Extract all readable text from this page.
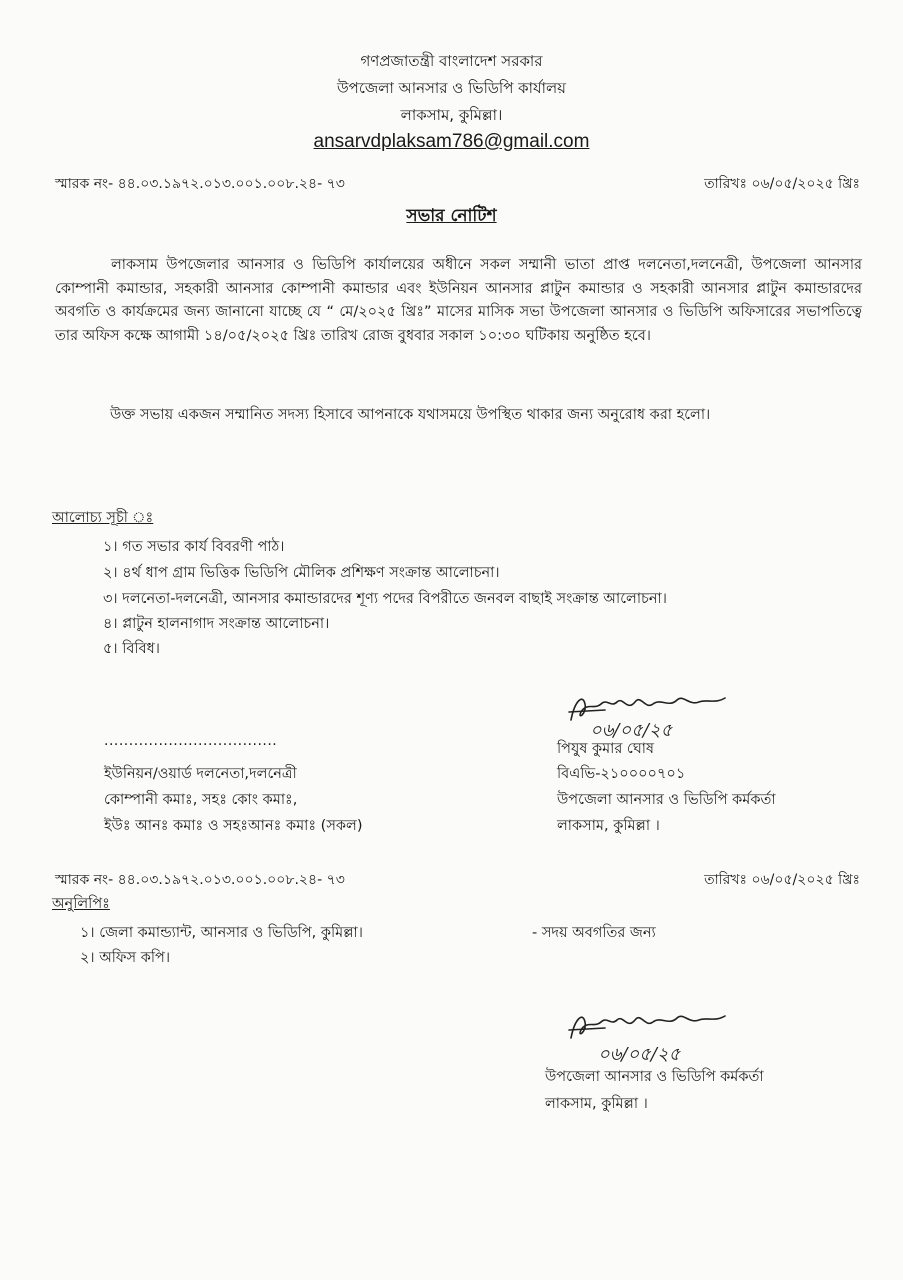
গণপ্রজাতন্ত্রী বাংলাদেশ সরকার
উপজেলা আনসার ও ভিডিপি কার্যালয়
লাকসাম, কুমিল্লা।
ansarvdplaksam786@gmail.com
স্মারক নং- ৪৪.০৩.১৯৭২.০১৩.০০১.০০৮.২৪- ৭৩	তারিখঃ ০৬/০৫/২০২৫ খ্রিঃ
সভার নোটিশ
লাকসাম উপজেলার আনসার ও ভিডিপি কার্যালয়ের অধীনে সকল সম্মানী ভাতা প্রাপ্ত দলনেতা,দলনেত্রী, উপজেলা আনসার কোম্পানী কমান্ডার, সহকারী আনসার কোম্পানী কমান্ডার এবং ইউনিয়ন আনসার প্লাটুন কমান্ডার ও সহকারী আনসার প্লাটুন কমান্ডারদের অবগতি ও কার্যক্রমের জন্য জানানো যাচ্ছে যে “ মে/২০২৫ খ্রিঃ” মাসের মাসিক সভা উপজেলা আনসার ও ভিডিপি অফিসারের সভাপতিত্বে তার অফিস কক্ষে আগামী ১৪/০৫/২০২৫ খ্রিঃ তারিখ রোজ বুধবার সকাল ১০:৩০ ঘটিকায় অনুষ্ঠিত হবে।
উক্ত সভায় একজন সম্মানিত সদস্য হিসাবে আপনাকে যথাসময়ে উপস্থিত থাকার জন্য অনুরোধ করা হলো।
আলোচ্য সূচী ঃ
১। গত সভার কার্য বিবরণী পাঠ।
২। ৪র্থ ধাপ গ্রাম ভিত্তিক ভিডিপি মৌলিক প্রশিক্ষণ সংক্রান্ত আলোচনা।
৩। দলনেতা-দলনেত্রী, আনসার কমান্ডারদের শূণ্য পদের বিপরীতে জনবল বাছাই সংক্রান্ত আলোচনা।
৪। প্লাটুন হালনাগাদ সংক্রান্ত আলোচনা।
৫। বিবিধ।
...................................
ইউনিয়ন/ওয়ার্ড দলনেতা,দলনেত্রী
কোম্পানী কমাঃ, সহঃ কোং কমাঃ,
ইউঃ আনঃ কমাঃ ও সহঃআনঃ কমাঃ (সকল)
০৬/০৫/২৫
পিযুষ কুমার ঘোষ
বিএভি-২১০০০০৭০১
উপজেলা আনসার ও ভিডিপি কর্মকর্তা
লাকসাম, কুমিল্লা ।
স্মারক নং- ৪৪.০৩.১৯৭২.০১৩.০০১.০০৮.২৪- ৭৩	তারিখঃ ০৬/০৫/২০২৫ খ্রিঃ
অনুলিপিঃ
১। জেলা কমান্ড্যান্ট, আনসার ও ভিডিপি, কুমিল্লা।
২। অফিস কপি।
- সদয় অবগতির জন্য
০৬/০৫/২৫
উপজেলা আনসার ও ভিডিপি কর্মকর্তা
লাকসাম, কুমিল্লা ।
